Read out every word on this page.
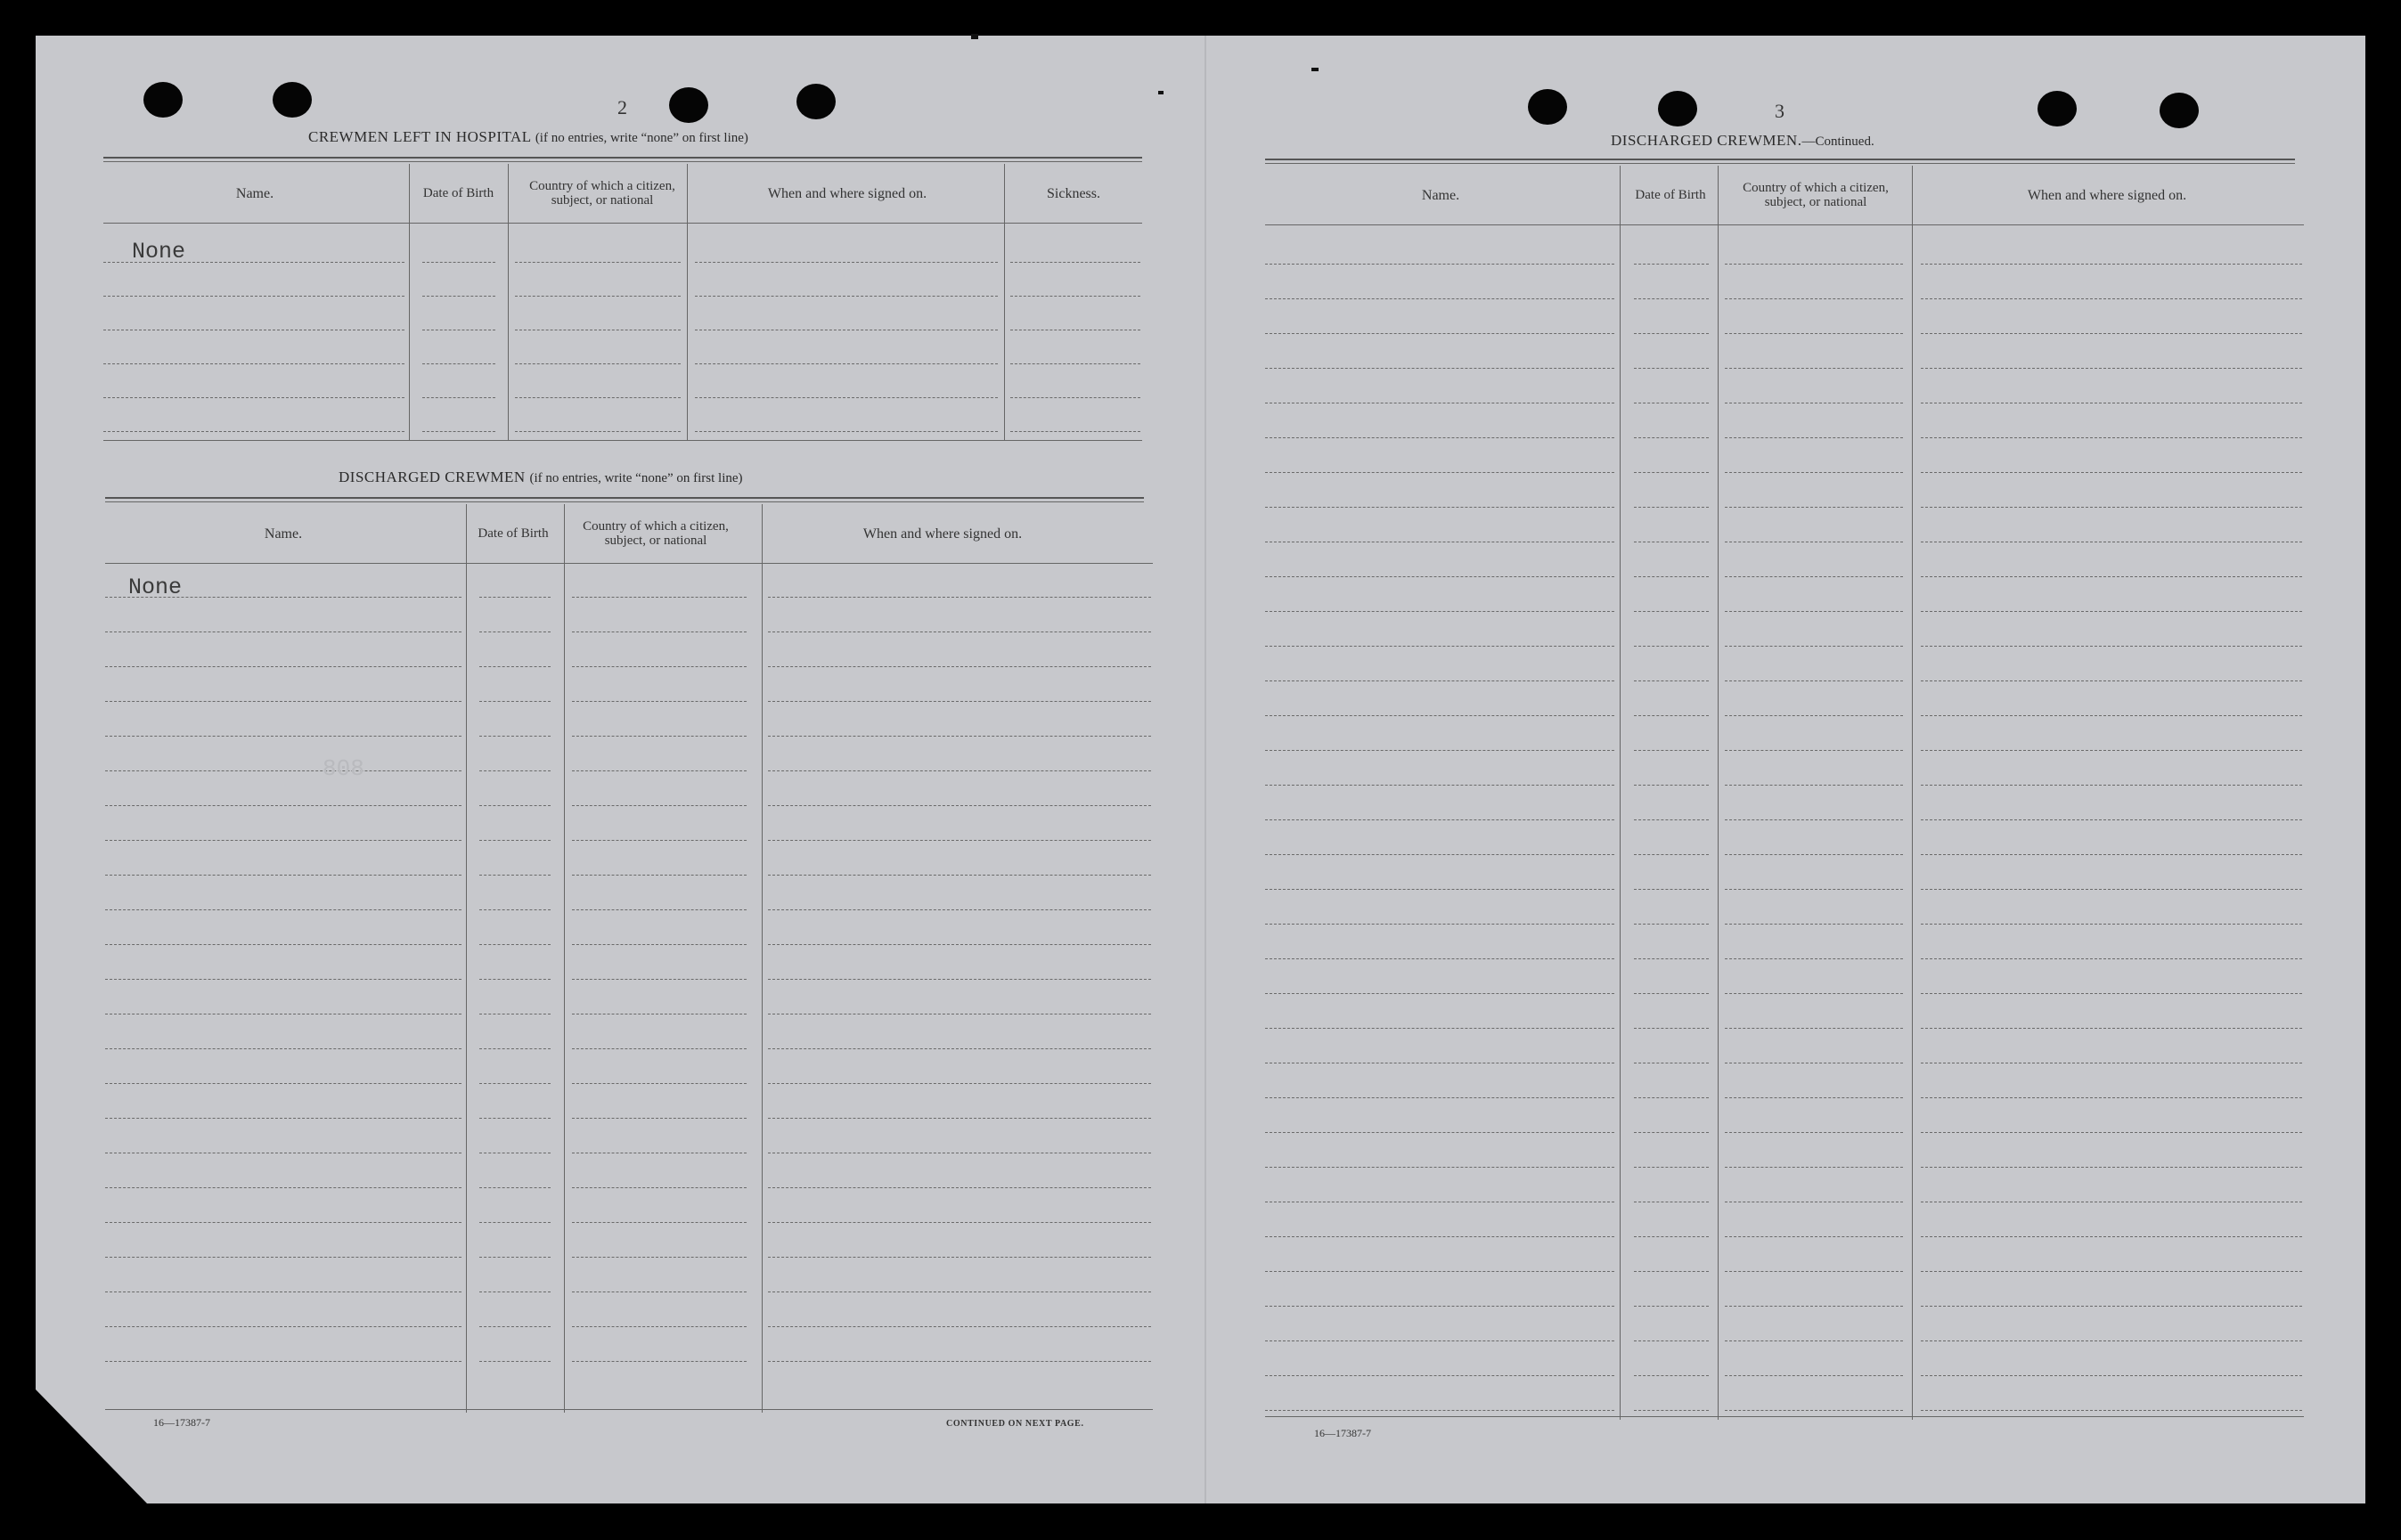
2
CREWMEN LEFT IN HOSPITAL (if no entries, write “none” on first line)
Name.	Date of Birth	Country of which a citizen, subject, or national	When and where signed on.	Sickness.
None
DISCHARGED CREWMEN (if no entries, write “none” on first line)
Name.	Date of Birth	Country of which a citizen, subject, or national	When and where signed on.
None
808
16—17387-7	CONTINUED ON NEXT PAGE.
3
DISCHARGED CREWMEN.—Continued.
Name.	Date of Birth	Country of which a citizen, subject, or national	When and where signed on.
16—17387-7
